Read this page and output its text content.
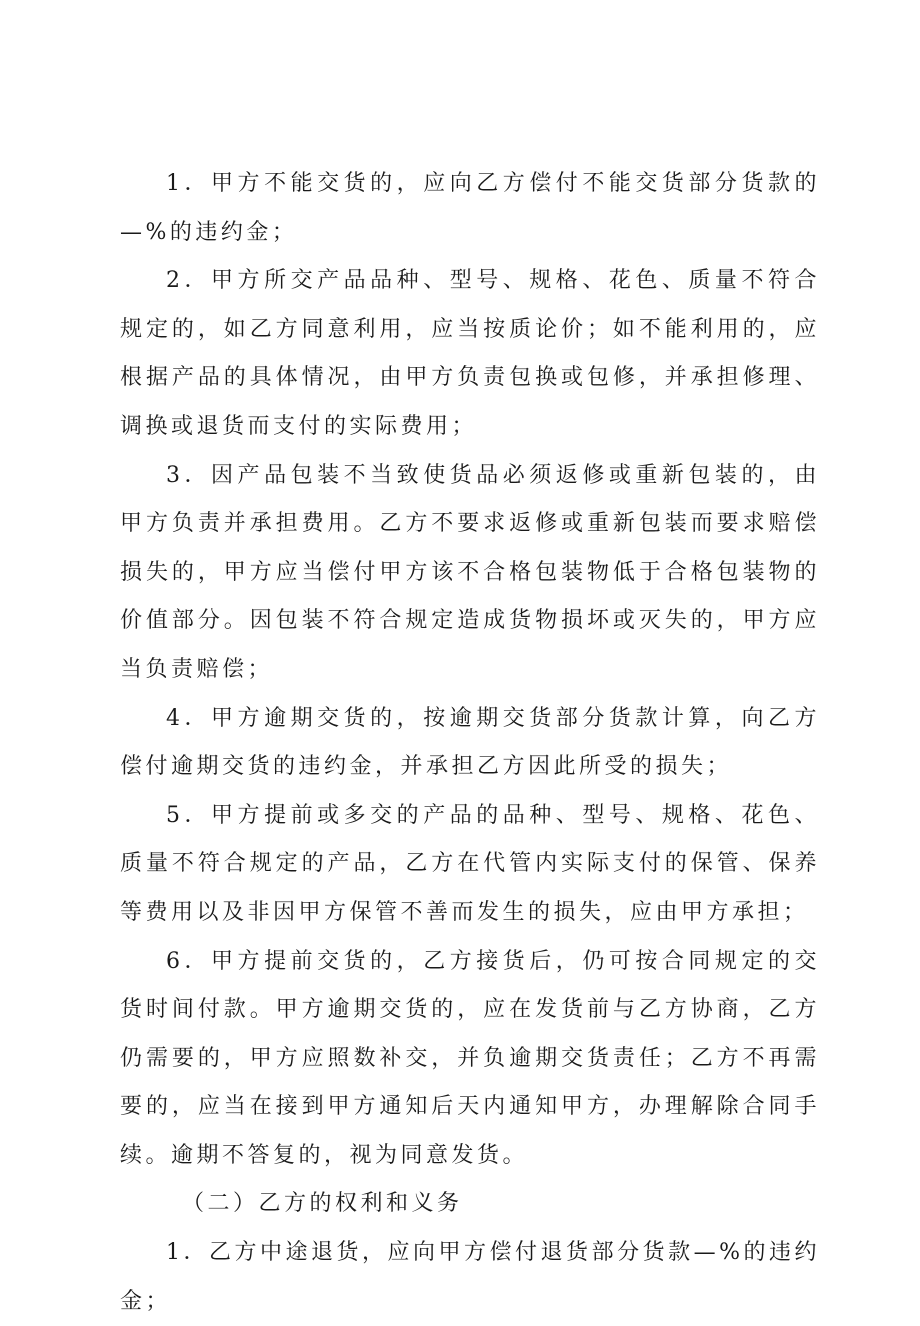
1．甲方不能交货的，应向乙方偿付不能交货部分货款的—%的违约金；

2．甲方所交产品品种、型号、规格、花色、质量不符合规定的，如乙方同意利用，应当按质论价；如不能利用的，应根据产品的具体情况，由甲方负责包换或包修，并承担修理、调换或退货而支付的实际费用；

3．因产品包装不当致使货品必须返修或重新包装的，由甲方负责并承担费用。乙方不要求返修或重新包装而要求赔偿损失的，甲方应当偿付甲方该不合格包装物低于合格包装物的价值部分。因包装不符合规定造成货物损坏或灭失的，甲方应当负责赔偿；

4．甲方逾期交货的，按逾期交货部分货款计算，向乙方偿付逾期交货的违约金，并承担乙方因此所受的损失；

5．甲方提前或多交的产品的品种、型号、规格、花色、质量不符合规定的产品，乙方在代管内实际支付的保管、保养等费用以及非因甲方保管不善而发生的损失，应由甲方承担；

6．甲方提前交货的，乙方接货后，仍可按合同规定的交货时间付款。甲方逾期交货的，应在发货前与乙方协商，乙方仍需要的，甲方应照数补交，并负逾期交货责任；乙方不再需要的，应当在接到甲方通知后天内通知甲方，办理解除合同手续。逾期不答复的，视为同意发货。

（二）乙方的权利和义务

1．乙方中途退货，应向甲方偿付退货部分货款—%的违约金；
